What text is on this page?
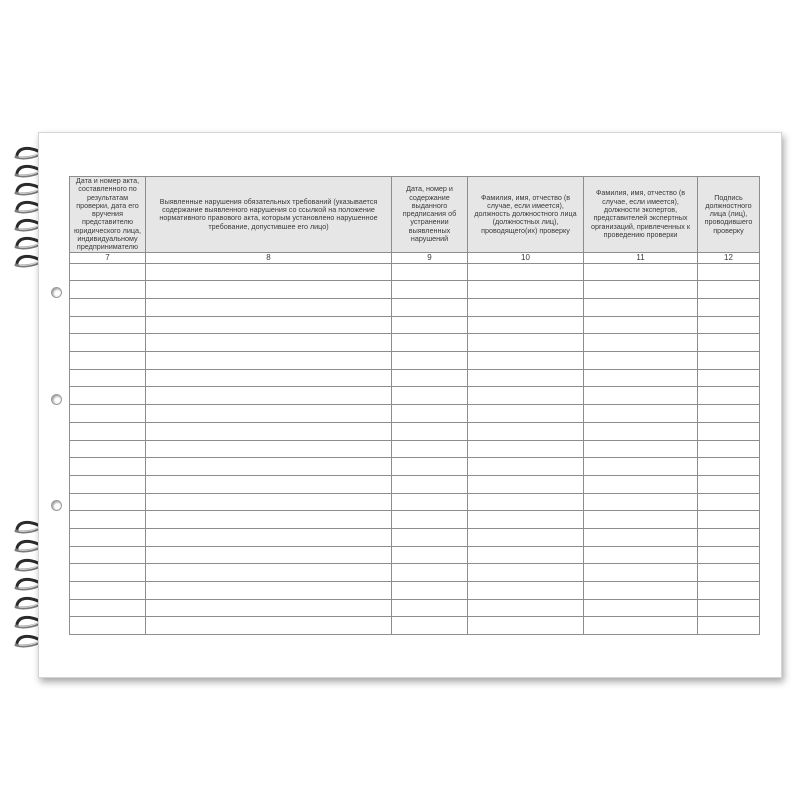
Дата и номер акта, составленного по результатам проверки, дата его вручения представителю юридического лица, индивидуальному предпринимателю	Выявленные нарушения обязательных требований (указывается содержание выявленного нарушения со ссылкой на положение нормативного правового акта, которым установлено нарушенное требование, допустившее его лицо)	Дата, номер и содержание выданного предписания об устранении выявленных нарушений	Фамилия, имя, отчество (в случае, если имеется), должность должностного лица (должностных лиц), проводящего(их) проверку	Фамилия, имя, отчество (в случае, если имеется), должности экспертов, представителей экспертных организаций, привлеченных к проведению проверки	Подпись должностного лица (лиц), проводившего проверку
7	8	9	10	11	12
